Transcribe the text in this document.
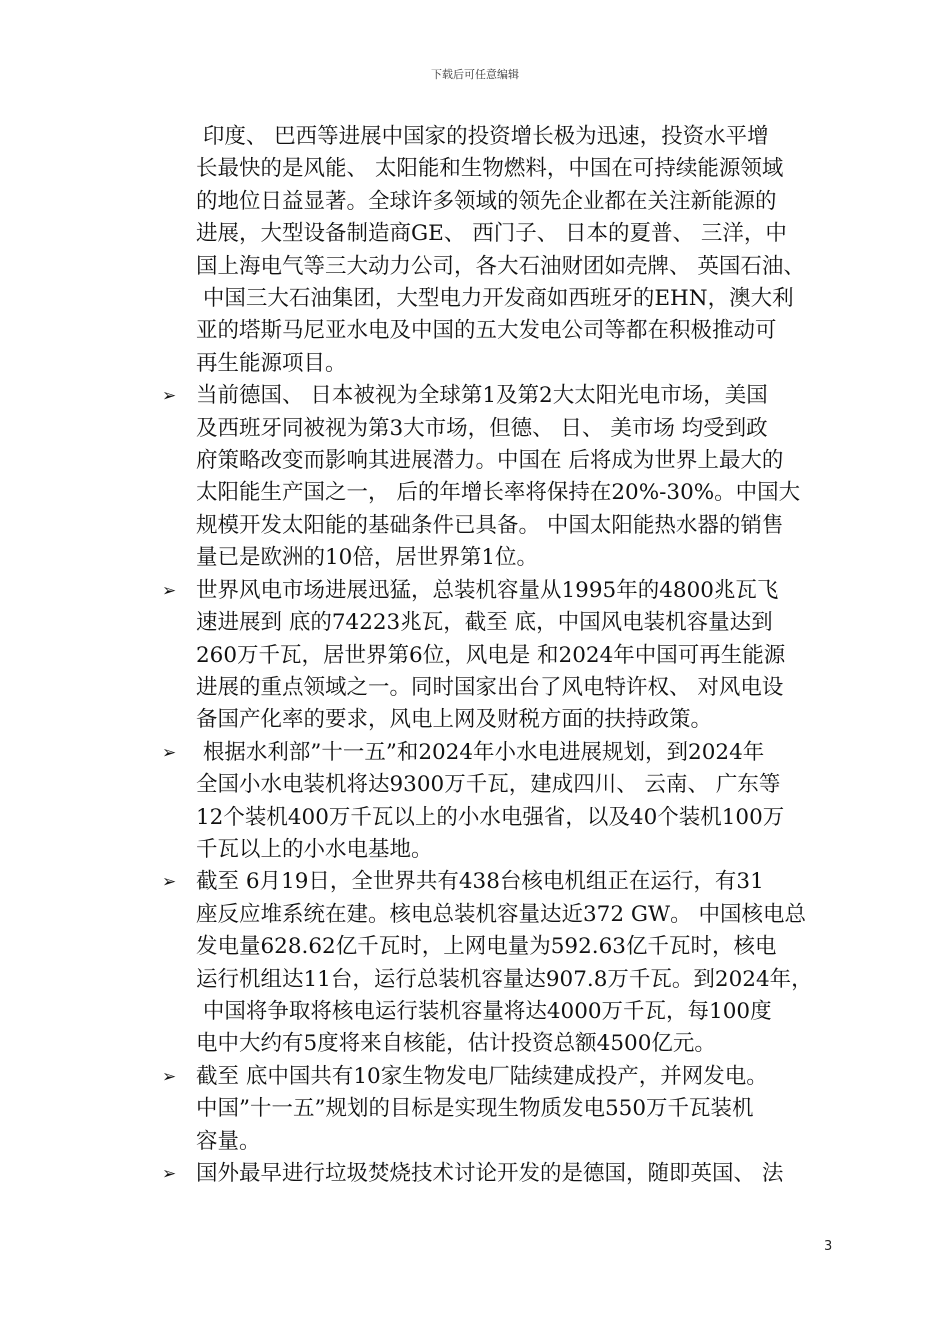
下载后可任意编辑
印度、 巴西等进展中国家的投资增长极为迅速，投资水平增
长最快的是风能、 太阳能和生物燃料，中国在可持续能源领域
的地位日益显著。全球许多领域的领先企业都在关注新能源的
进展，大型设备制造商GE、 西门子、 日本的夏普、 三洋，中
国上海电气等三大动力公司，各大石油财团如壳牌、 英国石油、
中国三大石油集团，大型电力开发商如西班牙的EHN，澳大利
亚的塔斯马尼亚水电及中国的五大发电公司等都在积极推动可
再生能源项目。
➢ 当前德国、 日本被视为全球第1及第2大太阳光电市场，美国
及西班牙同被视为第3大市场，但德、 日、 美市场 均受到政
府策略改变而影响其进展潜力。中国在 后将成为世界上最大的
太阳能生产国之一， 后的年增长率将保持在20%-30%。中国大
规模开发太阳能的基础条件已具备。 中国太阳能热水器的销售
量已是欧洲的10倍，居世界第1位。
➢ 世界风电市场进展迅猛，总装机容量从1995年的4800兆瓦飞
速进展到 底的74223兆瓦，截至 底，中国风电装机容量达到
260万千瓦，居世界第6位，风电是 和2024年中国可再生能源
进展的重点领域之一。同时国家出台了风电特许权、 对风电设
备国产化率的要求，风电上网及财税方面的扶持政策。
➢ 根据水利部”十一五”和2024年小水电进展规划，到2024年
全国小水电装机将达9300万千瓦，建成四川、 云南、 广东等
12个装机400万千瓦以上的小水电强省，以及40个装机100万
千瓦以上的小水电基地。
➢ 截至 6月19日，全世界共有438台核电机组正在运行，有31
座反应堆系统在建。核电总装机容量达近372 GW。 中国核电总
发电量628.62亿千瓦时，上网电量为592.63亿千瓦时，核电
运行机组达11台，运行总装机容量达907.8万千瓦。到2024年，
中国将争取将核电运行装机容量将达4000万千瓦，每100度
电中大约有5度将来自核能，估计投资总额4500亿元。
➢ 截至 底中国共有10家生物发电厂陆续建成投产，并网发电。
中国”十一五”规划的目标是实现生物质发电550万千瓦装机
容量。
➢ 国外最早进行垃圾焚烧技术讨论开发的是德国，随即英国、 法
3
